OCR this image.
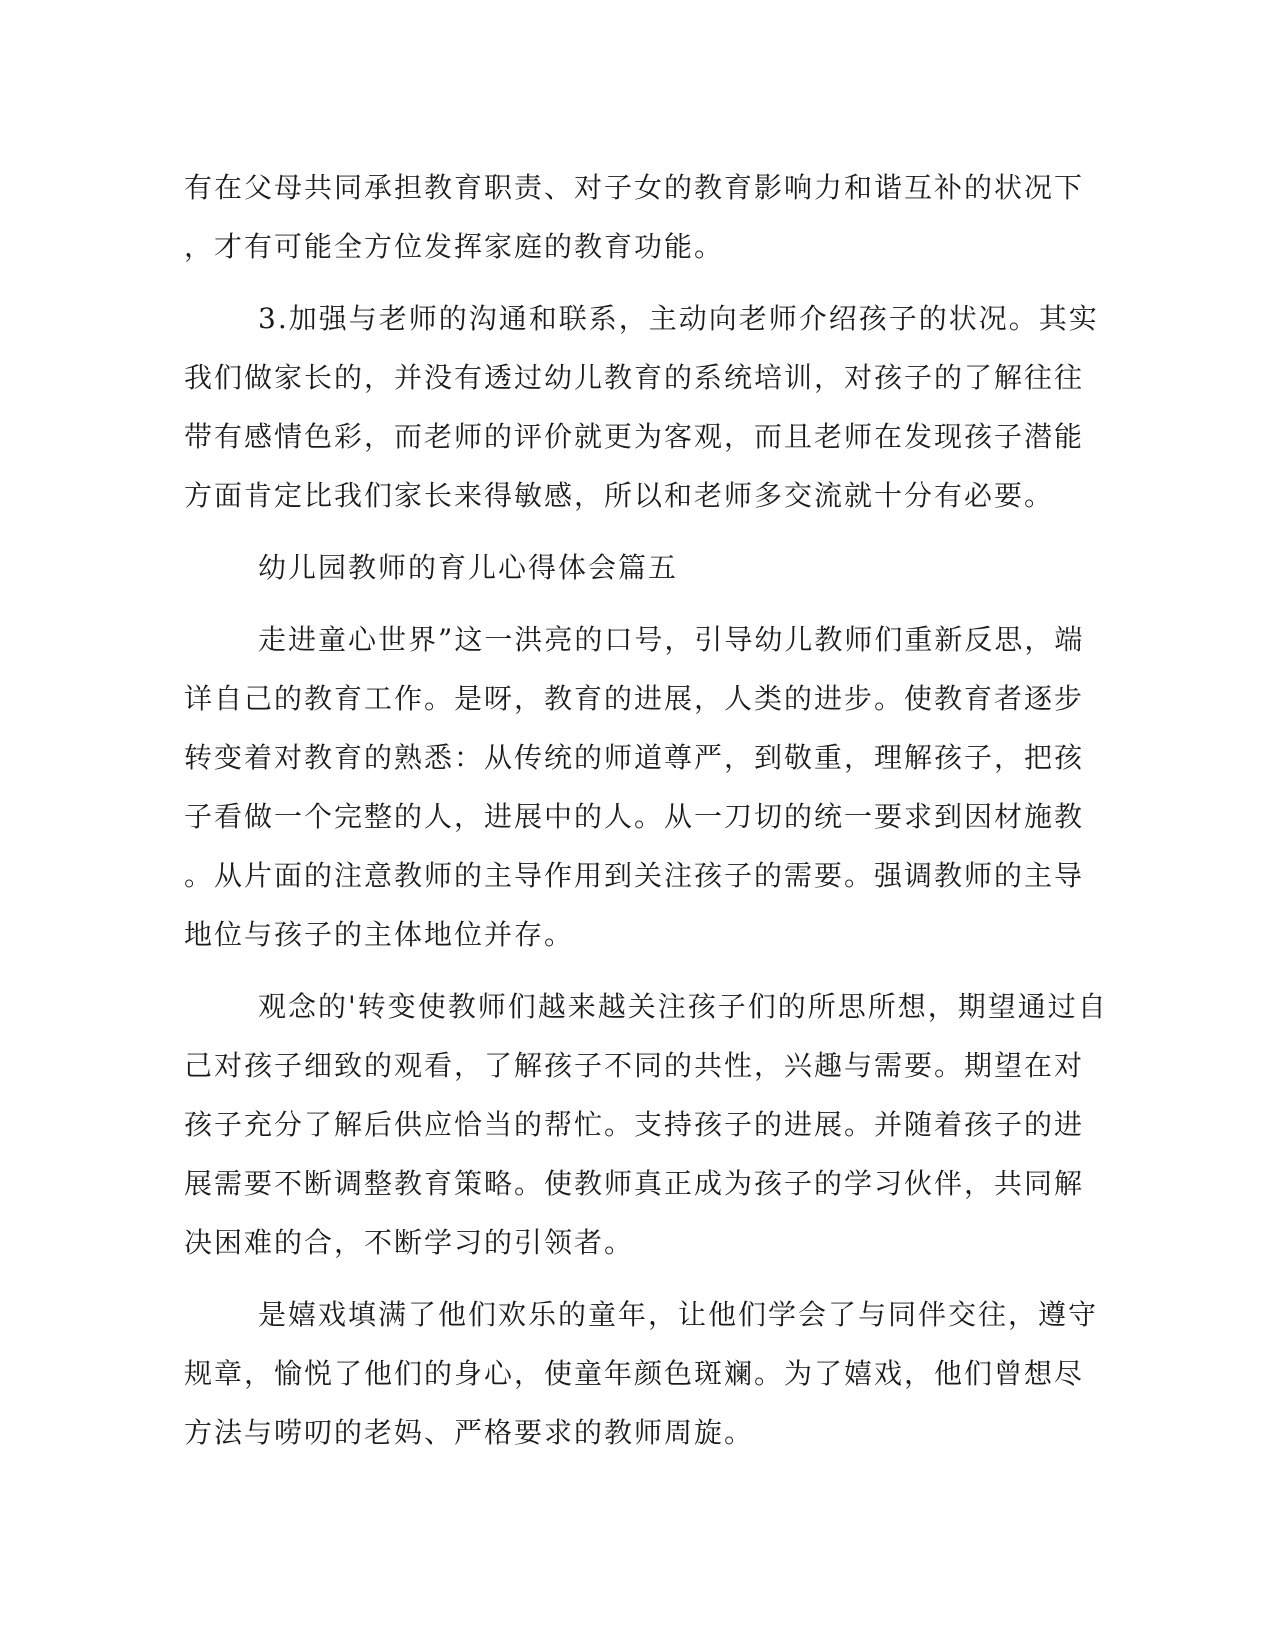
有在父母共同承担教育职责、对子女的教育影响力和谐互补的状况下
，才有可能全方位发挥家庭的教育功能。
3.加强与老师的沟通和联系，主动向老师介绍孩子的状况。其实
我们做家长的，并没有透过幼儿教育的系统培训，对孩子的了解往往
带有感情色彩，而老师的评价就更为客观，而且老师在发现孩子潜能
方面肯定比我们家长来得敏感，所以和老师多交流就十分有必要。
幼儿园教师的育儿心得体会篇五
走进童心世界”这一洪亮的口号，引导幼儿教师们重新反思，端
详自己的教育工作。是呀，教育的进展，人类的进步。使教育者逐步
转变着对教育的熟悉：从传统的师道尊严，到敬重，理解孩子，把孩
子看做一个完整的人，进展中的人。从一刀切的统一要求到因材施教
。从片面的注意教师的主导作用到关注孩子的需要。强调教师的主导
地位与孩子的主体地位并存。
观念的'转变使教师们越来越关注孩子们的所思所想，期望通过自
己对孩子细致的观看，了解孩子不同的共性，兴趣与需要。期望在对
孩子充分了解后供应恰当的帮忙。支持孩子的进展。并随着孩子的进
展需要不断调整教育策略。使教师真正成为孩子的学习伙伴，共同解
决困难的合，不断学习的引领者。
是嬉戏填满了他们欢乐的童年，让他们学会了与同伴交往，遵守
规章，愉悦了他们的身心，使童年颜色斑斓。为了嬉戏，他们曾想尽
方法与唠叨的老妈、严格要求的教师周旋。
